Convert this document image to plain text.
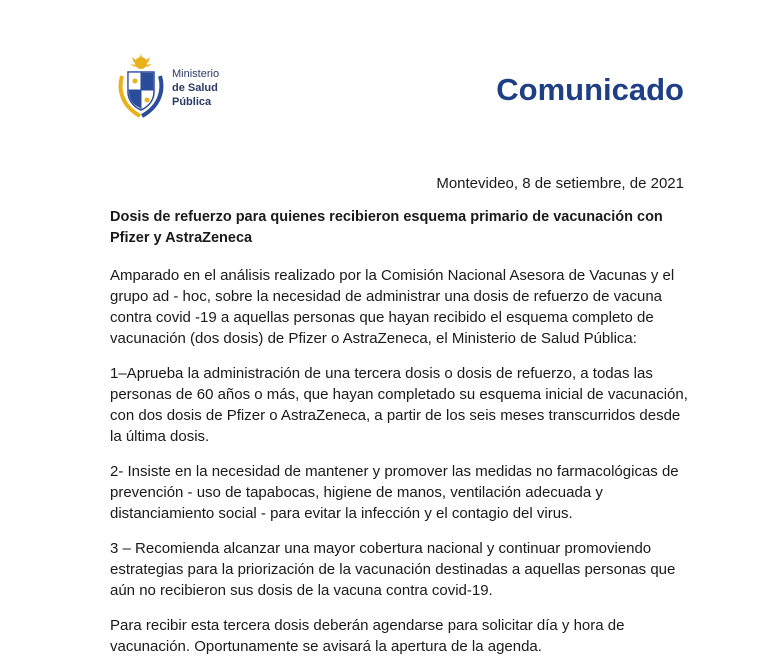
Ministerio
de Salud
Pública	Comunicado
Montevideo, 8 de setiembre, de 2021

Dosis de refuerzo para quienes recibieron esquema primario de vacunación con Pfizer y AstraZeneca

Amparado en el análisis realizado por la Comisión Nacional Asesora de Vacunas y el grupo ad - hoc, sobre la necesidad de administrar una dosis de refuerzo de vacuna contra covid -19 a aquellas personas que hayan recibido el esquema completo de vacunación (dos dosis) de Pfizer o AstraZeneca, el Ministerio de Salud Pública:

1–Aprueba la administración de una tercera dosis o dosis de refuerzo, a todas las personas de 60 años o más, que hayan completado su esquema inicial de vacunación, con dos dosis de Pfizer o AstraZeneca, a partir de los seis meses transcurridos desde la última dosis.

2- Insiste en la necesidad de mantener y promover las medidas no farmacológicas de prevención - uso de tapabocas, higiene de manos, ventilación adecuada y distanciamiento social - para evitar la infección y el contagio del virus.

3 – Recomienda alcanzar una mayor cobertura nacional y continuar promoviendo estrategias para la priorización de la vacunación destinadas a aquellas personas que aún no recibieron sus dosis de la vacuna contra covid-19.

Para recibir esta tercera dosis deberán agendarse para solicitar día y hora de vacunación. Oportunamente se avisará la apertura de la agenda.
